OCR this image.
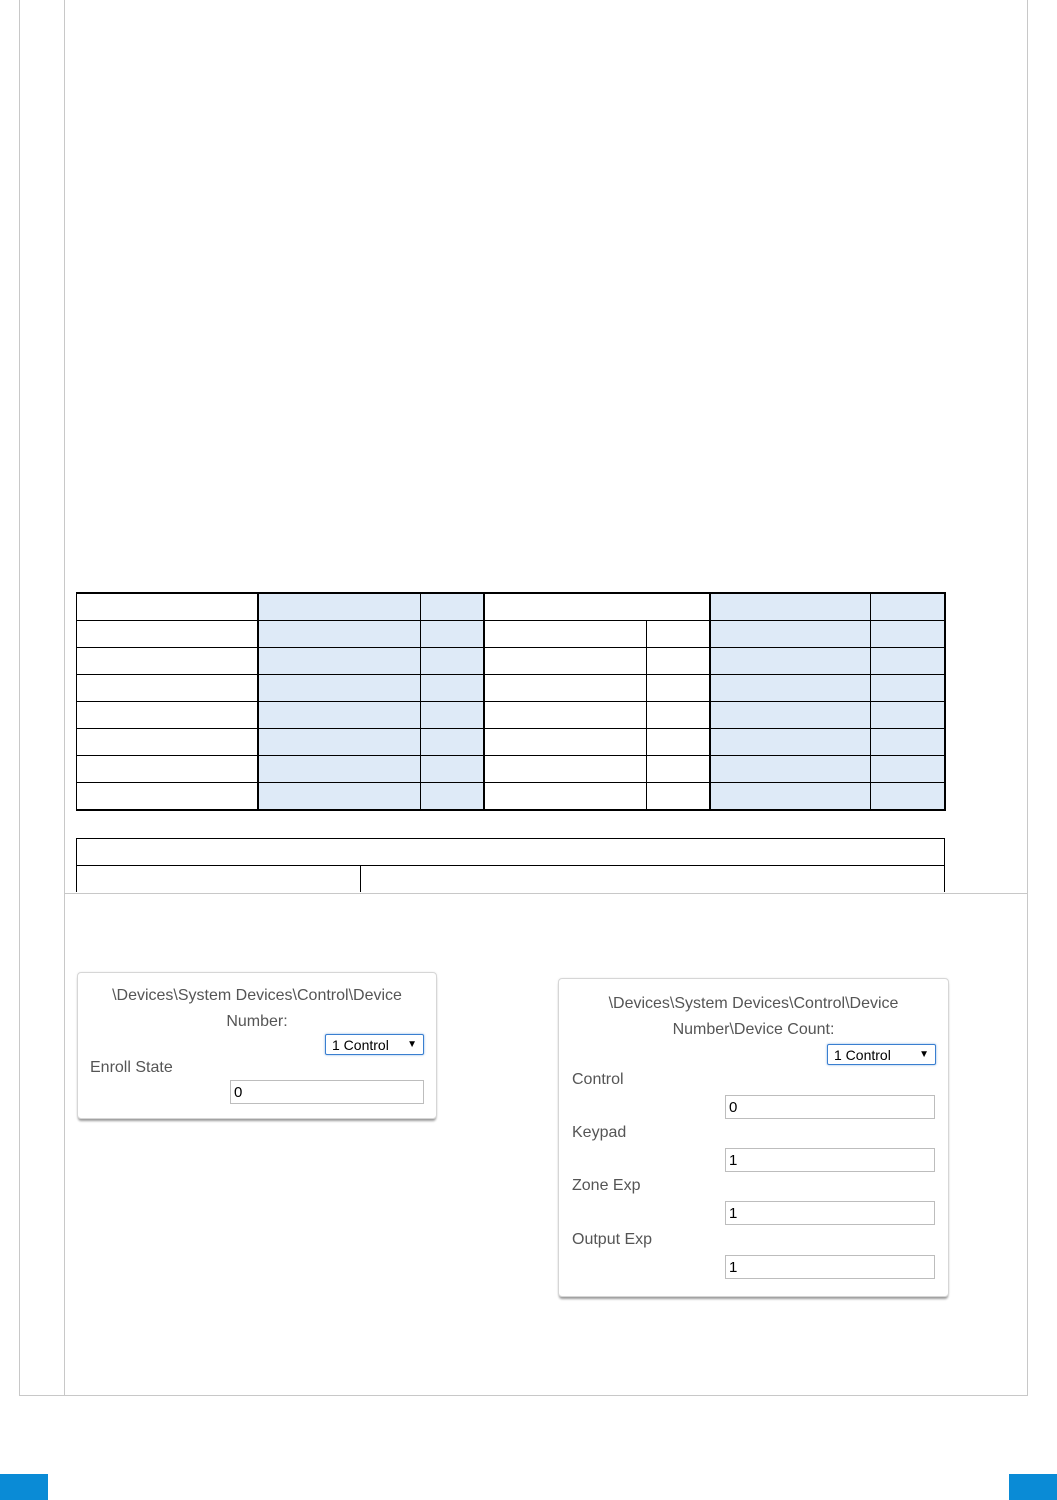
\Devices\System Devices\Control\Device
Number:
1 Control ▼
Enroll State
0
\Devices\System Devices\Control\Device
Number\Device Count:
1 Control	▼
Control
0
Keypad
1
Zone Exp
1
Output Exp
1
